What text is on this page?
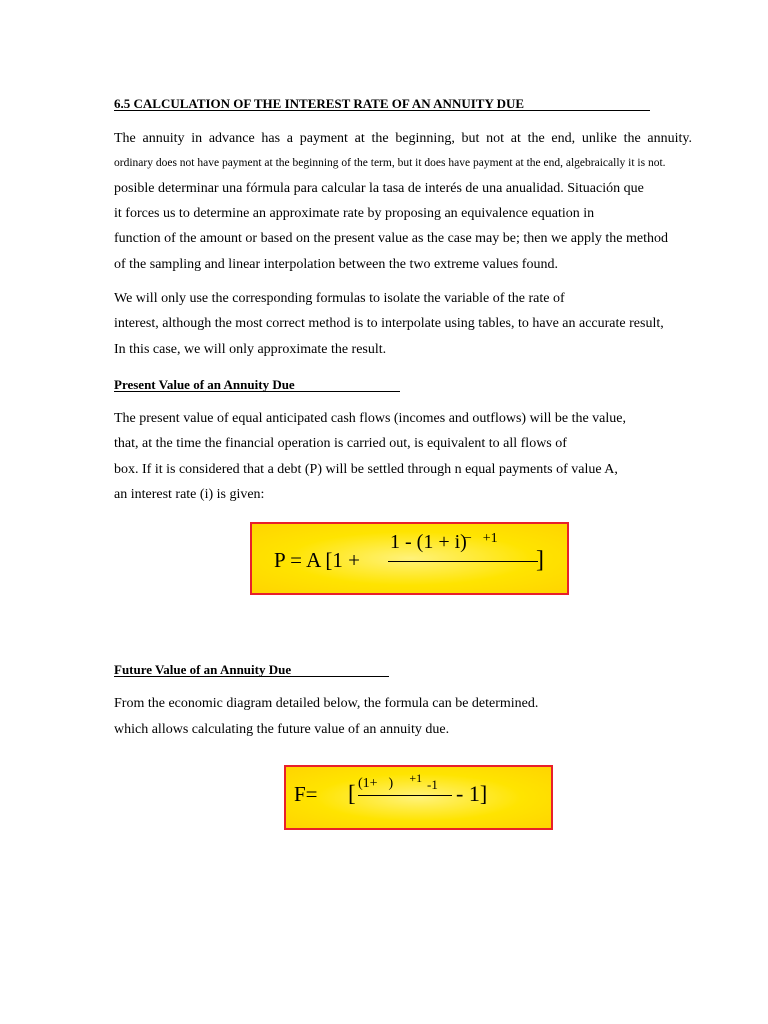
6.5 CALCULATION OF THE INTEREST RATE OF AN ANNUITY DUE
The annuity in advance has a payment at the beginning, but not at the end, unlike the annuity.
ordinary does not have payment at the beginning of the term, but it does have payment at the end, algebraically it is not.
posible determinar una fórmula para calcular la tasa de interés de una anualidad. Situación que
it forces us to determine an approximate rate by proposing an equivalence equation in
function of the amount or based on the present value as the case may be; then we apply the method
of the sampling and linear interpolation between the two extreme values found.
We will only use the corresponding formulas to isolate the variable of the rate of
interest, although the most correct method is to interpolate using tables, to have an accurate result,
In this case, we will only approximate the result.
Present Value of an Annuity Due
The present value of equal anticipated cash flows (incomes and outflows) will be the value,
that, at the time the financial operation is carried out, is equivalent to all flows of
box. If it is considered that a debt (P) will be settled through n equal payments of value A,
an interest rate (i) is given:
P = A [1 +
1 - (1 + i)
− +1
 
]
Future Value of an Annuity Due
From the economic diagram detailed below, the formula can be determined.
which allows calculating the future value of an annuity due.
F=   [ (1+ )  +1 -1
  - 1]
